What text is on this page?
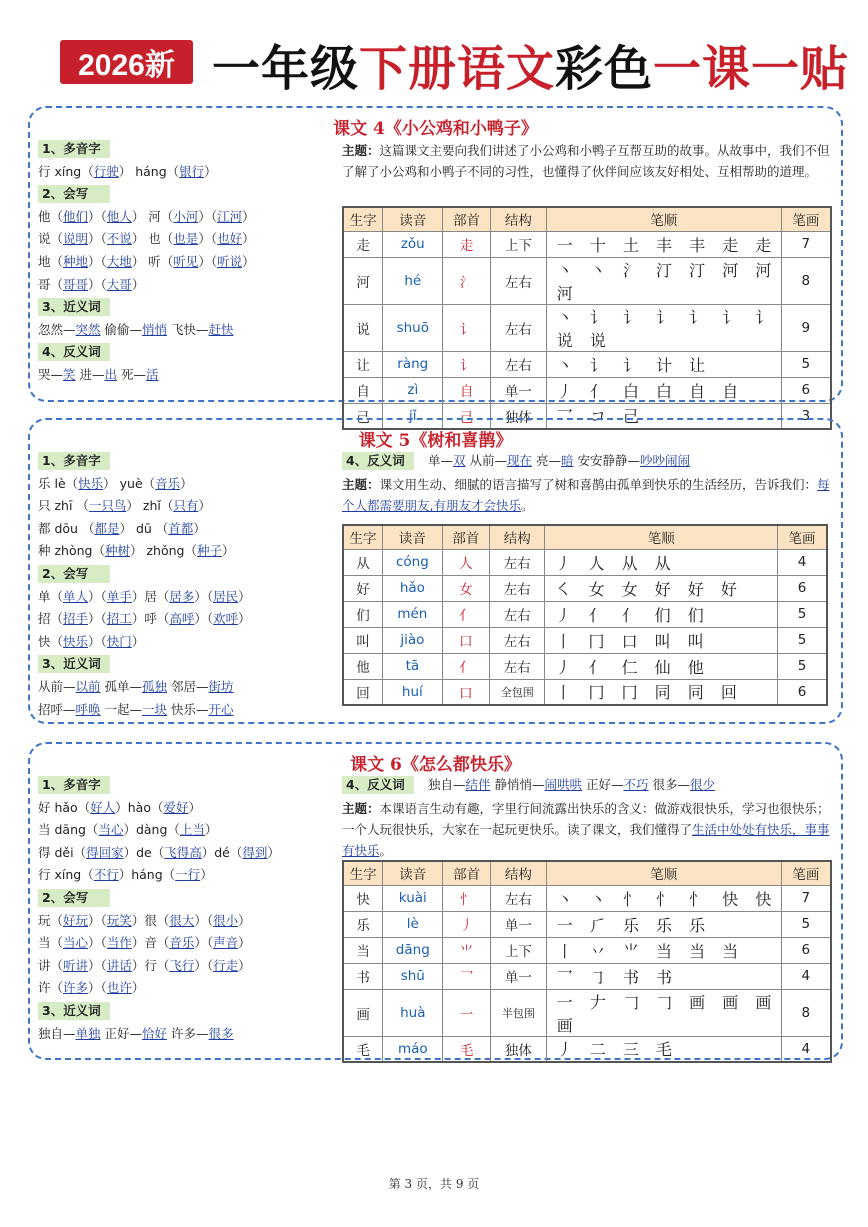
2026新 一年级下册语文彩色一课一贴
课文 4《小公鸡和小鸭子》
1、多音字
行 xíng（行驶） háng（银行）
2、会写
他（他们）（他人） 河（小河）（江河）
说（说明）（不说） 也（也是）（也好）
地（种地）（大地） 听（听见）（听说）
哥（哥哥）（大哥）
3、近义词
忽然—突然 偷偷—悄悄 飞快—赶快
4、反义词
哭—笑 进—出 死—活
主题：这篇课文主要向我们讲述了小公鸡和小鸭子互帮互助的故事。从故事中，我们不但了解了小公鸡和小鸭子不同的习性，也懂得了伙伴间应该友好相处、互相帮助的道理。
生字	读音	部首	结构	笔顺	笔画
走	zǒu	走	上下	一 十 土 丰 丰 走 走	7
河	hé	氵	左右	丶 丶 氵 汀 汀 河 河 河	8
说	shuō	讠	左右	丶 讠 讠 讠 讠 讠 讠 说 说	9
让	ràng	讠	左右	丶 讠 讠 计 让	5
自	zì	自	单一	丿 亻 白 白 自 自	6
己	jǐ	己	独体	乛 コ 己	3
课文 5《树和喜鹊》
1、多音字
乐 lè（快乐） yuè（音乐）
只 zhī （一只鸟） zhǐ（只有）
都 dōu （都是） dū （首都）
种 zhòng（种树） zhǒng（种子）
2、会写
单（单人）（单手）居（居多）（居民）
招（招手）（招工）呼（高呼）（欢呼）
快（快乐）（快门）
3、近义词
从前—以前 孤单—孤独 邻居—街坊
招呼—呼唤 一起—一块 快乐—开心
4、反义词 单—双 从前—现在 亮—暗 安安静静—吵吵闹闹
主题：课文用生动、细腻的语言描写了树和喜鹊由孤单到快乐的生活经历，告诉我们：每个人都需要朋友,有朋友才会快乐。
生字	读音	部首	结构	笔顺	笔画
从	cóng	人	左右	丿 人 从 从	4
好	hǎo	女	左右	㇛ 女 女 好 好 好	6
们	mén	亻	左右	丿 亻 亻 们 们	5
叫	jiào	口	左右	丨 冂 口 叫 叫	5
他	tā	亻	左右	丿 亻 仁 仙 他	5
回	huí	口	全包围	丨 冂 冂 同 同 回	6
课文 6《怎么都快乐》
1、多音字
好 hǎo（好人）hào（爱好）
当 dāng（当心）dàng（上当）
得 děi（得回家）de（飞得高）dé（得到）
行 xíng（不行）háng（一行）
2、会写
玩（好玩）（玩笑）很（很大）（很小）
当（当心）（当作）音（音乐）（声音）
讲（听讲）（讲话）行（飞行）（行走）
许（许多）（也许）
3、近义词
独自—单独 正好—恰好 许多—很多
4、反义词 独自—结伴 静悄悄—闹哄哄 正好—不巧 很多—很少
主题：本课语言生动有趣，字里行间流露出快乐的含义：做游戏很快乐，学习也很快乐；一个人玩很快乐，大家在一起玩更快乐。读了课文，我们懂得了生活中处处有快乐，事事有快乐。
生字	读音	部首	结构	笔顺	笔画
快	kuài	忄	左右	丶 丶 忄 忄 忄 快 快	7
乐	lè	丿	单一	一 ⺁ 乐 乐 乐	5
当	dāng	⺌	上下	丨 丷 ⺌ 当 当 当	6
书	shū	乛	单一	乛 ㇆ 书 书	4
画	huà	一	半包围	一 𠂇 𠃌 𠃌 画 画 画 画	8
毛	máo	毛	独体	丿 二 三 毛	4
第 3 页，共 9 页
